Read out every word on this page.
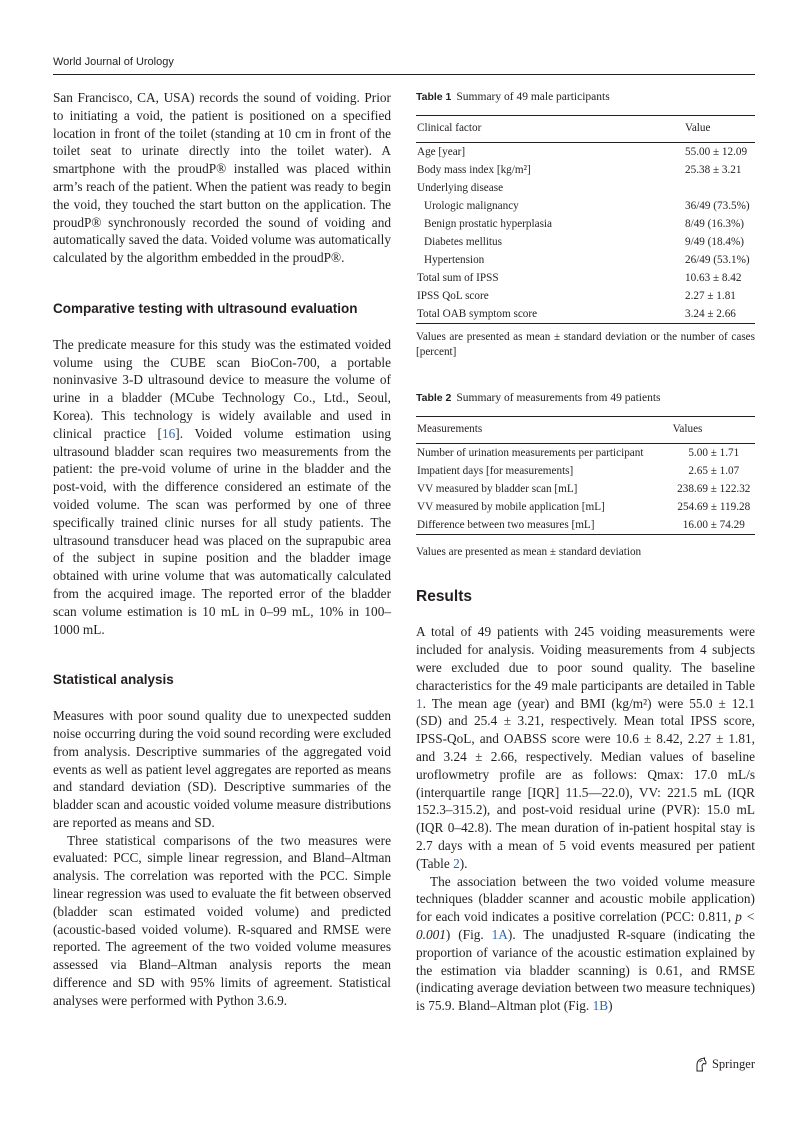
World Journal of Urology

San Francisco, CA, USA) records the sound of voiding. Prior to initiating a void, the patient is positioned on a specified location in front of the toilet (standing at 10 cm in front of the toilet seat to urinate directly into the toilet water). A smartphone with the proudP® installed was placed within arm’s reach of the patient. When the patient was ready to begin the void, they touched the start button on the application. The proudP® synchronously recorded the sound of voiding and automatically saved the data. Voided volume was automatically calculated by the algorithm embedded in the proudP®.

Comparative testing with ultrasound evaluation

The predicate measure for this study was the estimated voided volume using the CUBE scan BioCon-700, a portable noninvasive 3-D ultrasound device to measure the volume of urine in a bladder (MCube Technology Co., Ltd., Seoul, Korea). This technology is widely available and used in clinical practice [16]. Voided volume estimation using ultrasound bladder scan requires two measurements from the patient: the pre-void volume of urine in the bladder and the post-void, with the difference considered an estimate of the voided volume. The scan was performed by one of three specifically trained clinic nurses for all study patients. The ultrasound transducer head was placed on the suprapubic area of the subject in supine position and the bladder image obtained with urine volume that was automatically calculated from the acquired image. The reported error of the bladder scan volume estimation is 10 mL in 0–99 mL, 10% in 100–1000 mL.

Statistical analysis

Measures with poor sound quality due to unexpected sudden noise occurring during the void sound recording were excluded from analysis. Descriptive summaries of the aggregated void events as well as patient level aggregates are reported as means and standard deviation (SD). Descriptive summaries of the bladder scan and acoustic voided volume measure distributions are reported as means and SD.

Three statistical comparisons of the two measures were evaluated: PCC, simple linear regression, and Bland–Altman analysis. The correlation was reported with the PCC. Simple linear regression was used to evaluate the fit between observed (bladder scan estimated voided volume) and predicted (acoustic-based voided volume). R-squared and RMSE were reported. The agreement of the two voided volume measures assessed via Bland–Altman analysis reports the mean difference and SD with 95% limits of agreement. Statistical analyses were performed with Python 3.6.9.

Table 1 Summary of 49 male participants

Clinical factor	Value
Age [year]	55.00 ± 12.09
Body mass index [kg/m²]	25.38 ± 3.21
Underlying disease	
Urologic malignancy	36/49 (73.5%)
Benign prostatic hyperplasia	8/49 (16.3%)
Diabetes mellitus	9/49 (18.4%)
Hypertension	26/49 (53.1%)
Total sum of IPSS	10.63 ± 8.42
IPSS QoL score	2.27 ± 1.81
Total OAB symptom score	3.24 ± 2.66

Values are presented as mean ± standard deviation or the number of cases [percent]

Table 2 Summary of measurements from 49 patients

Measurements	Values
Number of urination measurements per participant	5.00 ± 1.71
Impatient days [for measurements]	2.65 ± 1.07
VV measured by bladder scan [mL]	238.69 ± 122.32
VV measured by mobile application [mL]	254.69 ± 119.28
Difference between two measures [mL]	16.00 ± 74.29

Values are presented as mean ± standard deviation

Results

A total of 49 patients with 245 voiding measurements were included for analysis. Voiding measurements from 4 subjects were excluded due to poor sound quality. The baseline characteristics for the 49 male participants are detailed in Table 1. The mean age (year) and BMI (kg/m²) were 55.0 ± 12.1 (SD) and 25.4 ± 3.21, respectively. Mean total IPSS score, IPSS-QoL, and OABSS score were 10.6 ± 8.42, 2.27 ± 1.81, and 3.24 ± 2.66, respectively. Median values of baseline uroflowmetry profile are as follows: Qmax: 17.0 mL/s (interquartile range [IQR] 11.5—22.0), VV: 221.5 mL (IQR 152.3–315.2), and post-void residual urine (PVR): 15.0 mL (IQR 0–42.8). The mean duration of in-patient hospital stay is 2.7 days with a mean of 5 void events measured per patient (Table 2).

The association between the two voided volume measure techniques (bladder scanner and acoustic mobile application) for each void indicates a positive correlation (PCC: 0.811, p < 0.001) (Fig. 1A). The unadjusted R-square (indicating the proportion of variance of the acoustic estimation explained by the estimation via bladder scanning) is 0.61, and RMSE (indicating average deviation between two measure techniques) is 75.9. Bland–Altman plot (Fig. 1B)

Springer
